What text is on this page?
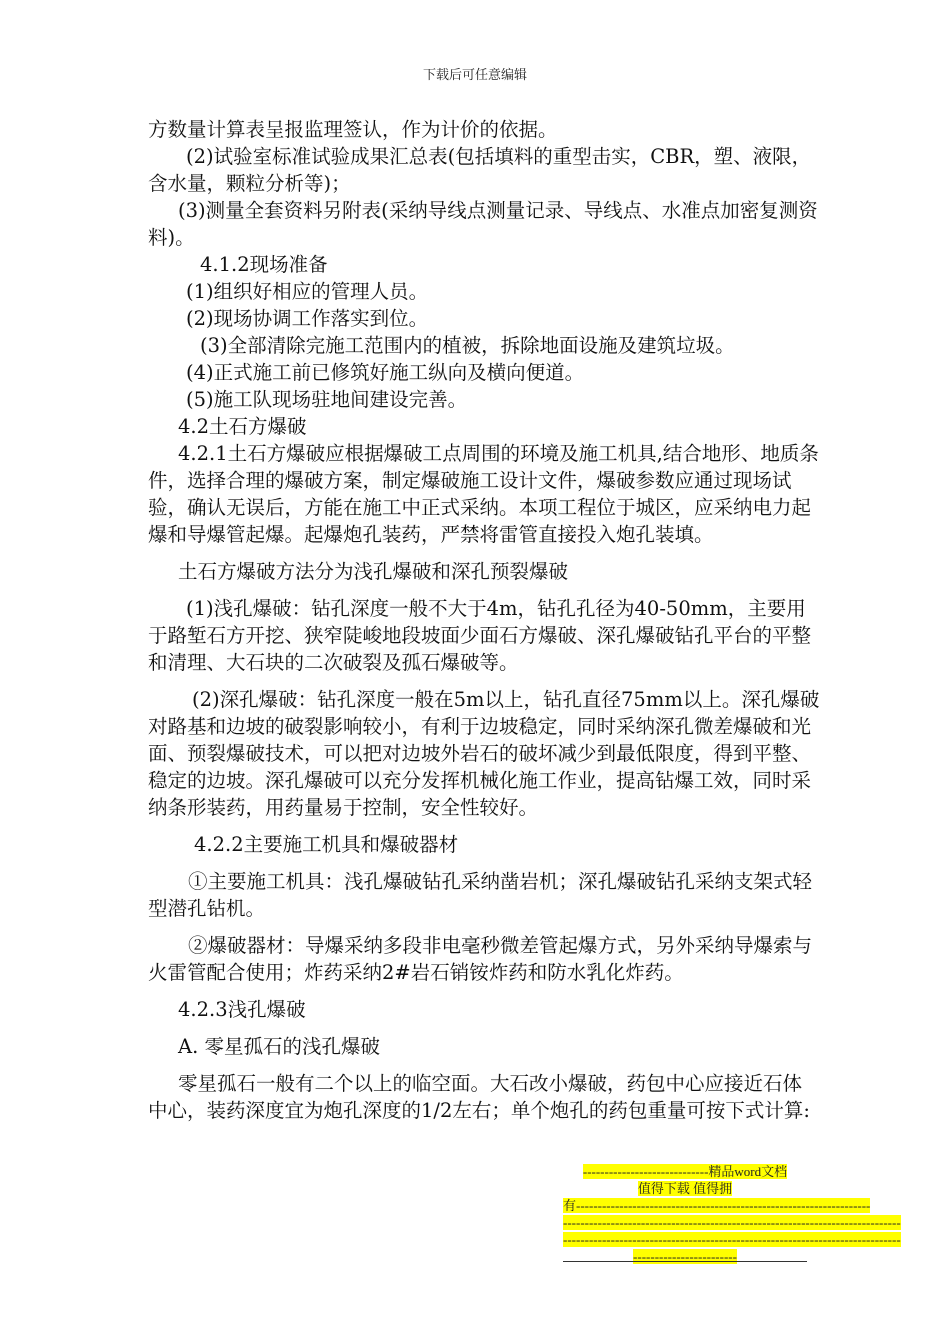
下载后可任意编辑

方数量计算表呈报监理签认，作为计价的依据。

(2)试验室标准试验成果汇总表(包括填料的重型击实，CBR，塑、液限，含水量，颗粒分析等)；

(3)测量全套资料另附表(采纳导线点测量记录、导线点、水准点加密复测资料)。

4.1.2现场准备

(1)组织好相应的管理人员。

(2)现场协调工作落实到位。

(3)全部清除完施工范围内的植被，拆除地面设施及建筑垃圾。

(4)正式施工前已修筑好施工纵向及横向便道。

(5)施工队现场驻地间建设完善。

4.2土石方爆破

4.2.1土石方爆破应根据爆破工点周围的环境及施工机具,结合地形、地质条件，选择合理的爆破方案，制定爆破施工设计文件，爆破参数应通过现场试验，确认无误后，方能在施工中正式采纳。本项工程位于城区，应采纳电力起爆和导爆管起爆。起爆炮孔装药，严禁将雷管直接投入炮孔装填。

土石方爆破方法分为浅孔爆破和深孔预裂爆破

(1)浅孔爆破：钻孔深度一般不大于4m，钻孔孔径为40-50mm，主要用于路堑石方开挖、狭窄陡峻地段坡面少面石方爆破、深孔爆破钻孔平台的平整和清理、大石块的二次破裂及孤石爆破等。

(2)深孔爆破：钻孔深度一般在5m以上，钻孔直径75mm以上。深孔爆破对路基和边坡的破裂影响较小，有利于边坡稳定，同时采纳深孔微差爆破和光面、预裂爆破技术，可以把对边坡外岩石的破坏减少到最低限度，得到平整、稳定的边坡。深孔爆破可以充分发挥机械化施工作业，提高钻爆工效，同时采纳条形装药，用药量易于控制，安全性较好。

4.2.2主要施工机具和爆破器材

①主要施工机具：浅孔爆破钻孔采纳凿岩机；深孔爆破钻孔采纳支架式轻型潜孔钻机。

②爆破器材：导爆采纳多段非电毫秒微差管起爆方式，另外采纳导爆索与火雷管配合使用；炸药采纳2#岩石销铵炸药和防水乳化炸药。

4.2.3浅孔爆破

A. 零星孤石的浅孔爆破

零星孤石一般有二个以上的临空面。大石改小爆破，药包中心应接近石体中心，装药深度宜为炮孔深度的1/2左右；单个炮孔的药包重量可按下式计算:

-----------------------------精品word文档
值得下载 值得拥
有--------------------------------------------------------------------
------------------------------------------------------------------------------
------------------------------------------------------------------------------
------------------------
